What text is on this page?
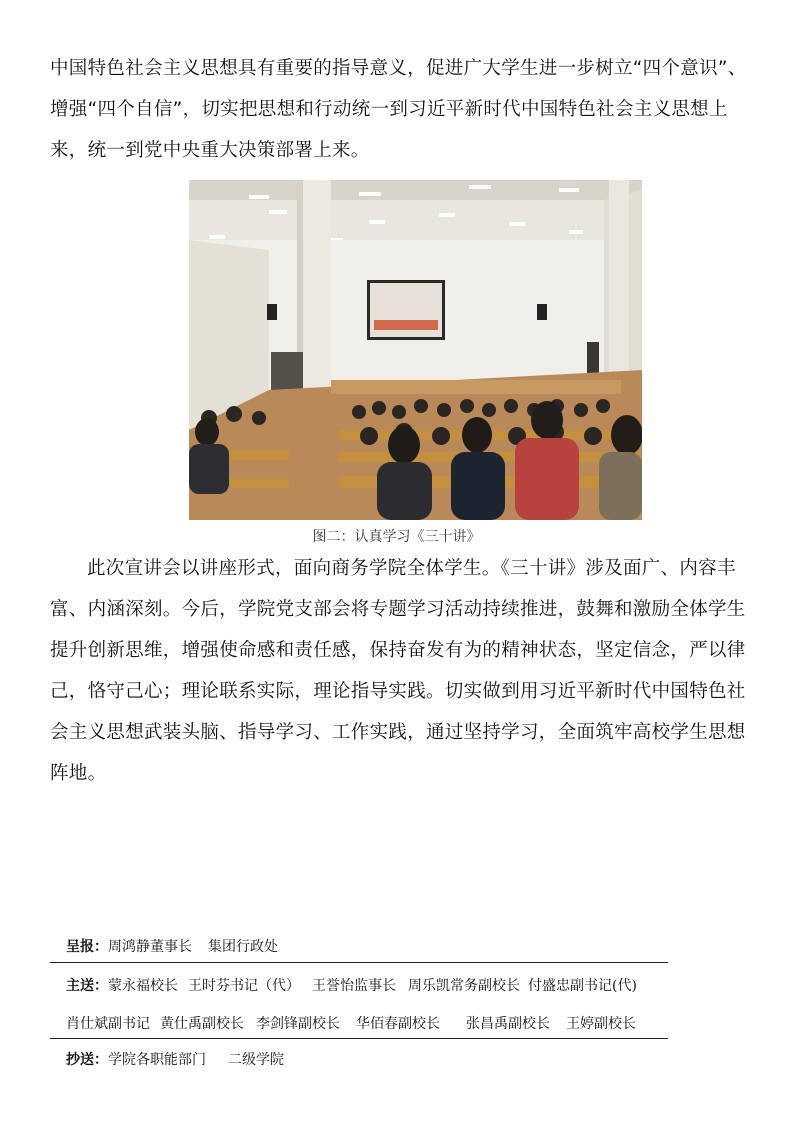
中国特色社会主义思想具有重要的指导意义，促进广大学生进一步树立“四个意识”、增强“四个自信”，切实把思想和行动统一到习近平新时代中国特色社会主义思想上来，统一到党中央重大决策部署上来。

图二：认真学习《三十讲》

此次宣讲会以讲座形式，面向商务学院全体学生。《三十讲》涉及面广、内容丰富、内涵深刻。今后，学院党支部会将专题学习活动持续推进，鼓舞和激励全体学生提升创新思维，增强使命感和责任感，保持奋发有为的精神状态，坚定信念，严以律己，恪守己心；理论联系实际，理论指导实践。切实做到用习近平新时代中国特色社会主义思想武装头脑、指导学习、工作实践，通过坚持学习，全面筑牢高校学生思想阵地。

呈报：周鸿静董事长 集团行政处
主送：蒙永福校长 王时芬书记（代） 王誉怡监事长 周乐凯常务副校长 付盛忠副书记(代)
肖仕斌副书记 黄仕禹副校长 李剑锋副校长 华佰春副校长 张昌禹副校长 王婷副校长
抄送：学院各职能部门 二级学院
